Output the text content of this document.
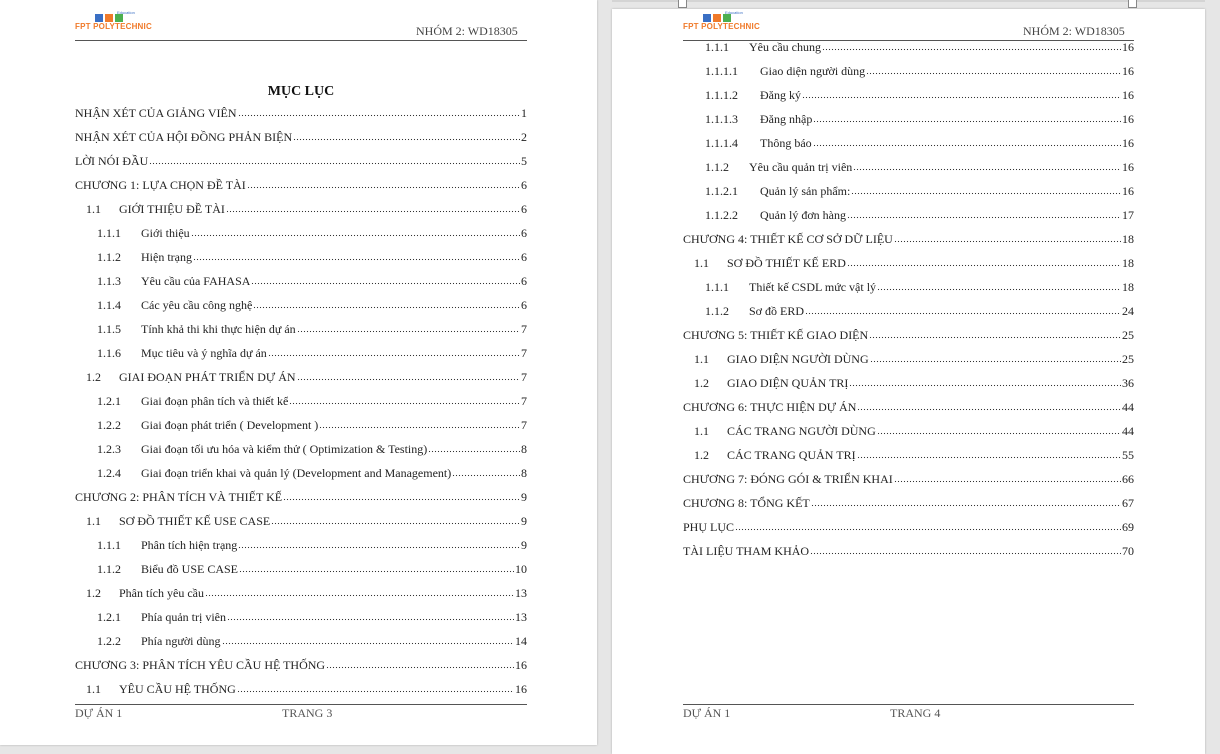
Education
FPT POLYTECHNIC	NHÓM 2: WD18305
MỤC LỤC
NHẬN XÉT CỦA GIẢNG VIÊN	1
NHẬN XÉT CỦA HỘI ĐỒNG PHẢN BIỆN	2
LỜI NÓI ĐẦU	5
CHƯƠNG 1: LỰA CHỌN ĐỀ TÀI	6
1.1	GIỚI THIỆU ĐỀ TÀI	6
1.1.1	Giới thiệu	6
1.1.2	Hiện trạng	6
1.1.3	Yêu cầu của FAHASA	6
1.1.4	Các yêu cầu công nghệ	6
1.1.5	Tính khả thi khi thực hiện dự án	7
1.1.6	Mục tiêu và ý nghĩa dự án	7
1.2	GIAI ĐOẠN PHÁT TRIỂN DỰ ÁN	7
1.2.1	Giai đoạn phân tích và thiết kế	7
1.2.2	Giai đoạn phát triển ( Development )	7
1.2.3	Giai đoạn tối ưu hóa và kiểm thử ( Optimization & Testing)	8
1.2.4	Giai đoạn triển khai và quản lý (Development and Management)	8
CHƯƠNG 2: PHÂN TÍCH VÀ THIẾT KẾ	9
1.1	SƠ ĐỒ THIẾT KẾ USE CASE	9
1.1.1	Phân tích hiện trạng	9
1.1.2	Biểu đồ USE CASE	10
1.2	Phân tích yêu cầu	13
1.2.1	Phía quản trị viên	13
1.2.2	Phía người dùng	14
CHƯƠNG 3: PHÂN TÍCH YÊU CẦU HỆ THỐNG	16
1.1	YÊU CẦU HỆ THỐNG	16
DỰ ÁN 1	TRANG 3
Education
FPT POLYTECHNIC	NHÓM 2: WD18305
1.1.1	Yêu cầu chung	16
1.1.1.1	Giao diện người dùng	16
1.1.1.2	Đăng ký	16
1.1.1.3	Đăng nhập	16
1.1.1.4	Thông báo	16
1.1.2	Yêu cầu quản trị viên	16
1.1.2.1	Quản lý sản phẩm:	16
1.1.2.2	Quản lý đơn hàng	17
CHƯƠNG 4: THIẾT KẾ CƠ SỞ DỮ LIỆU	18
1.1	SƠ ĐỒ THIẾT KẾ ERD	18
1.1.1	Thiết kế CSDL mức vật lý	18
1.1.2	Sơ đồ ERD	24
CHƯƠNG 5: THIẾT KẾ GIAO DIỆN	25
1.1	GIAO DIỆN NGƯỜI DÙNG	25
1.2	GIAO DIỆN QUẢN TRỊ	36
CHƯƠNG 6: THỰC HIỆN DỰ ÁN	44
1.1	CÁC TRANG NGƯỜI DÙNG	44
1.2	CÁC TRANG QUẢN TRỊ	55
CHƯƠNG 7: ĐÓNG GÓI & TRIỂN KHAI	66
CHƯƠNG 8: TỔNG KẾT	67
PHỤ LỤC	69
TÀI LIỆU THAM KHẢO	70
DỰ ÁN 1	TRANG 4
